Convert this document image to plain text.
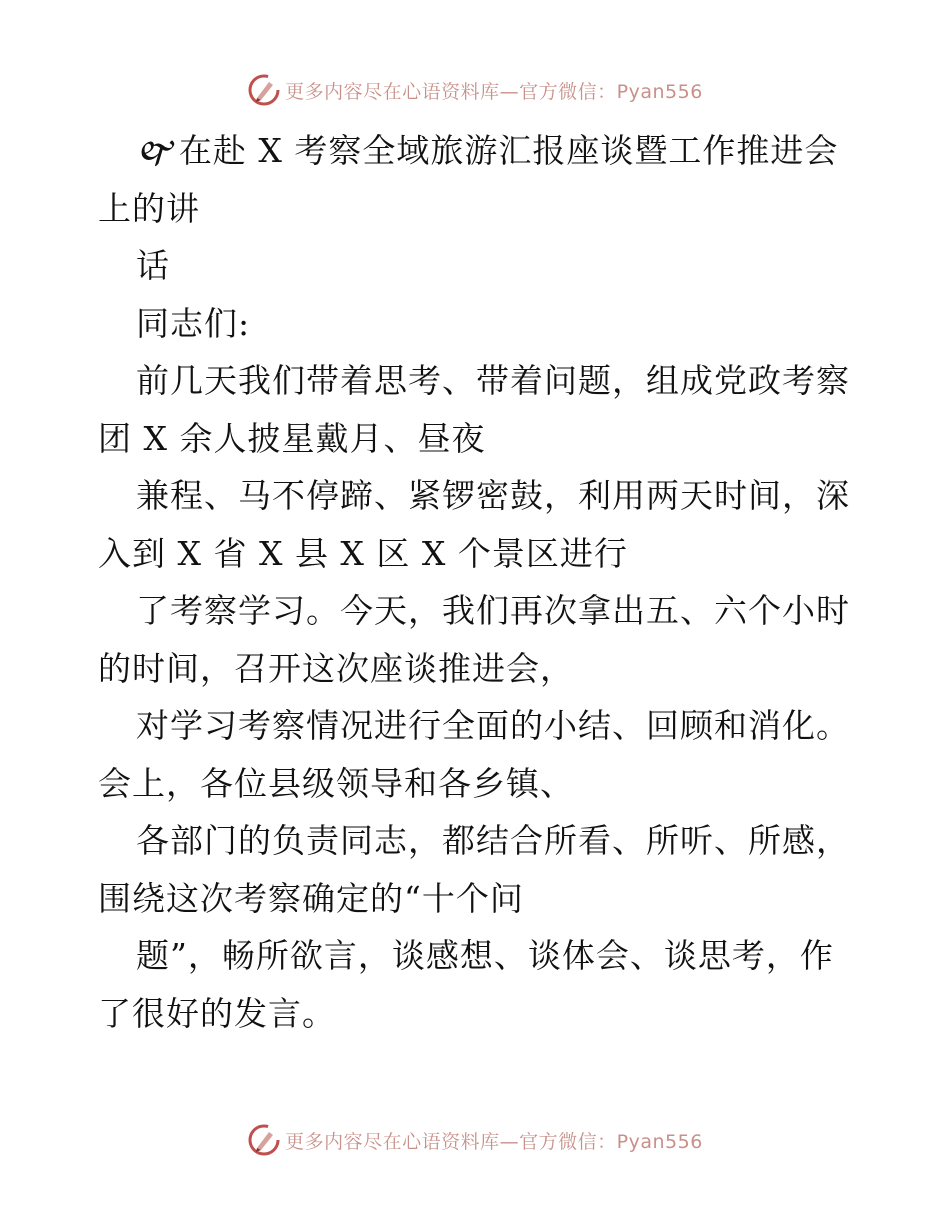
更多内容尽在心语资料库—官方微信：Pyan556
🙰在赴 X 考察全域旅游汇报座谈暨工作推进会
上的讲
话
同志们:
前几天我们带着思考、带着问题，组成党政考察
团 X 余人披星戴月、昼夜
兼程、马不停蹄、紧锣密鼓，利用两天时间，深
入到 X 省 X 县 X 区 X 个景区进行
了考察学习。今天，我们再次拿出五、六个小时
的时间，召开这次座谈推进会，
对学习考察情况进行全面的小结、回顾和消化。
会上，各位县级领导和各乡镇、
各部门的负责同志，都结合所看、所听、所感，
围绕这次考察确定的“十个问
题”，畅所欲言，谈感想、谈体会、谈思考，作
了很好的发言。
更多内容尽在心语资料库—官方微信：Pyan556
